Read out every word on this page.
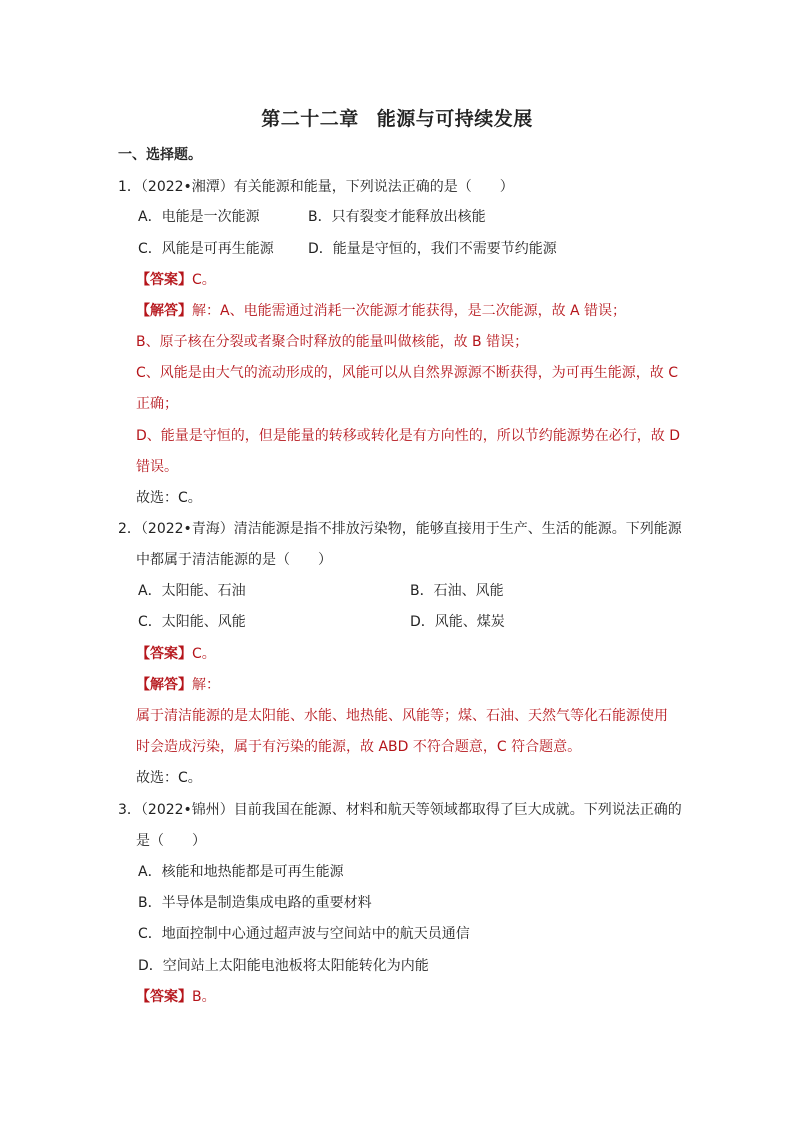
第二十二章 能源与可持续发展
一、选择题。
1．（2022•湘潭）有关能源和能量，下列说法正确的是（　　）
A．电能是一次能源	B．只有裂变才能释放出核能
C．风能是可再生能源 D．能量是守恒的，我们不需要节约能源
【答案】C。
【解答】解：A、电能需通过消耗一次能源才能获得，是二次能源，故 A 错误；
B、原子核在分裂或者聚合时释放的能量叫做核能，故 B 错误；
C、风能是由大气的流动形成的，风能可以从自然界源源不断获得，为可再生能源，故 C
正确；
D、能量是守恒的，但是能量的转移或转化是有方向性的，所以节约能源势在必行，故 D
错误。
故选：C。
2．（2022•青海）清洁能源是指不排放污染物，能够直接用于生产、生活的能源。下列能源
中都属于清洁能源的是（　　）
A．太阳能、石油	B．石油、风能
C．太阳能、风能	D．风能、煤炭
【答案】C。
【解答】解：
属于清洁能源的是太阳能、水能、地热能、风能等；煤、石油、天然气等化石能源使用
时会造成污染，属于有污染的能源，故 ABD 不符合题意，C 符合题意。
故选：C。
3．（2022•锦州）目前我国在能源、材料和航天等领域都取得了巨大成就。下列说法正确的
是（　　）
A．核能和地热能都是可再生能源
B．半导体是制造集成电路的重要材料
C．地面控制中心通过超声波与空间站中的航天员通信
D．空间站上太阳能电池板将太阳能转化为内能
【答案】B。
